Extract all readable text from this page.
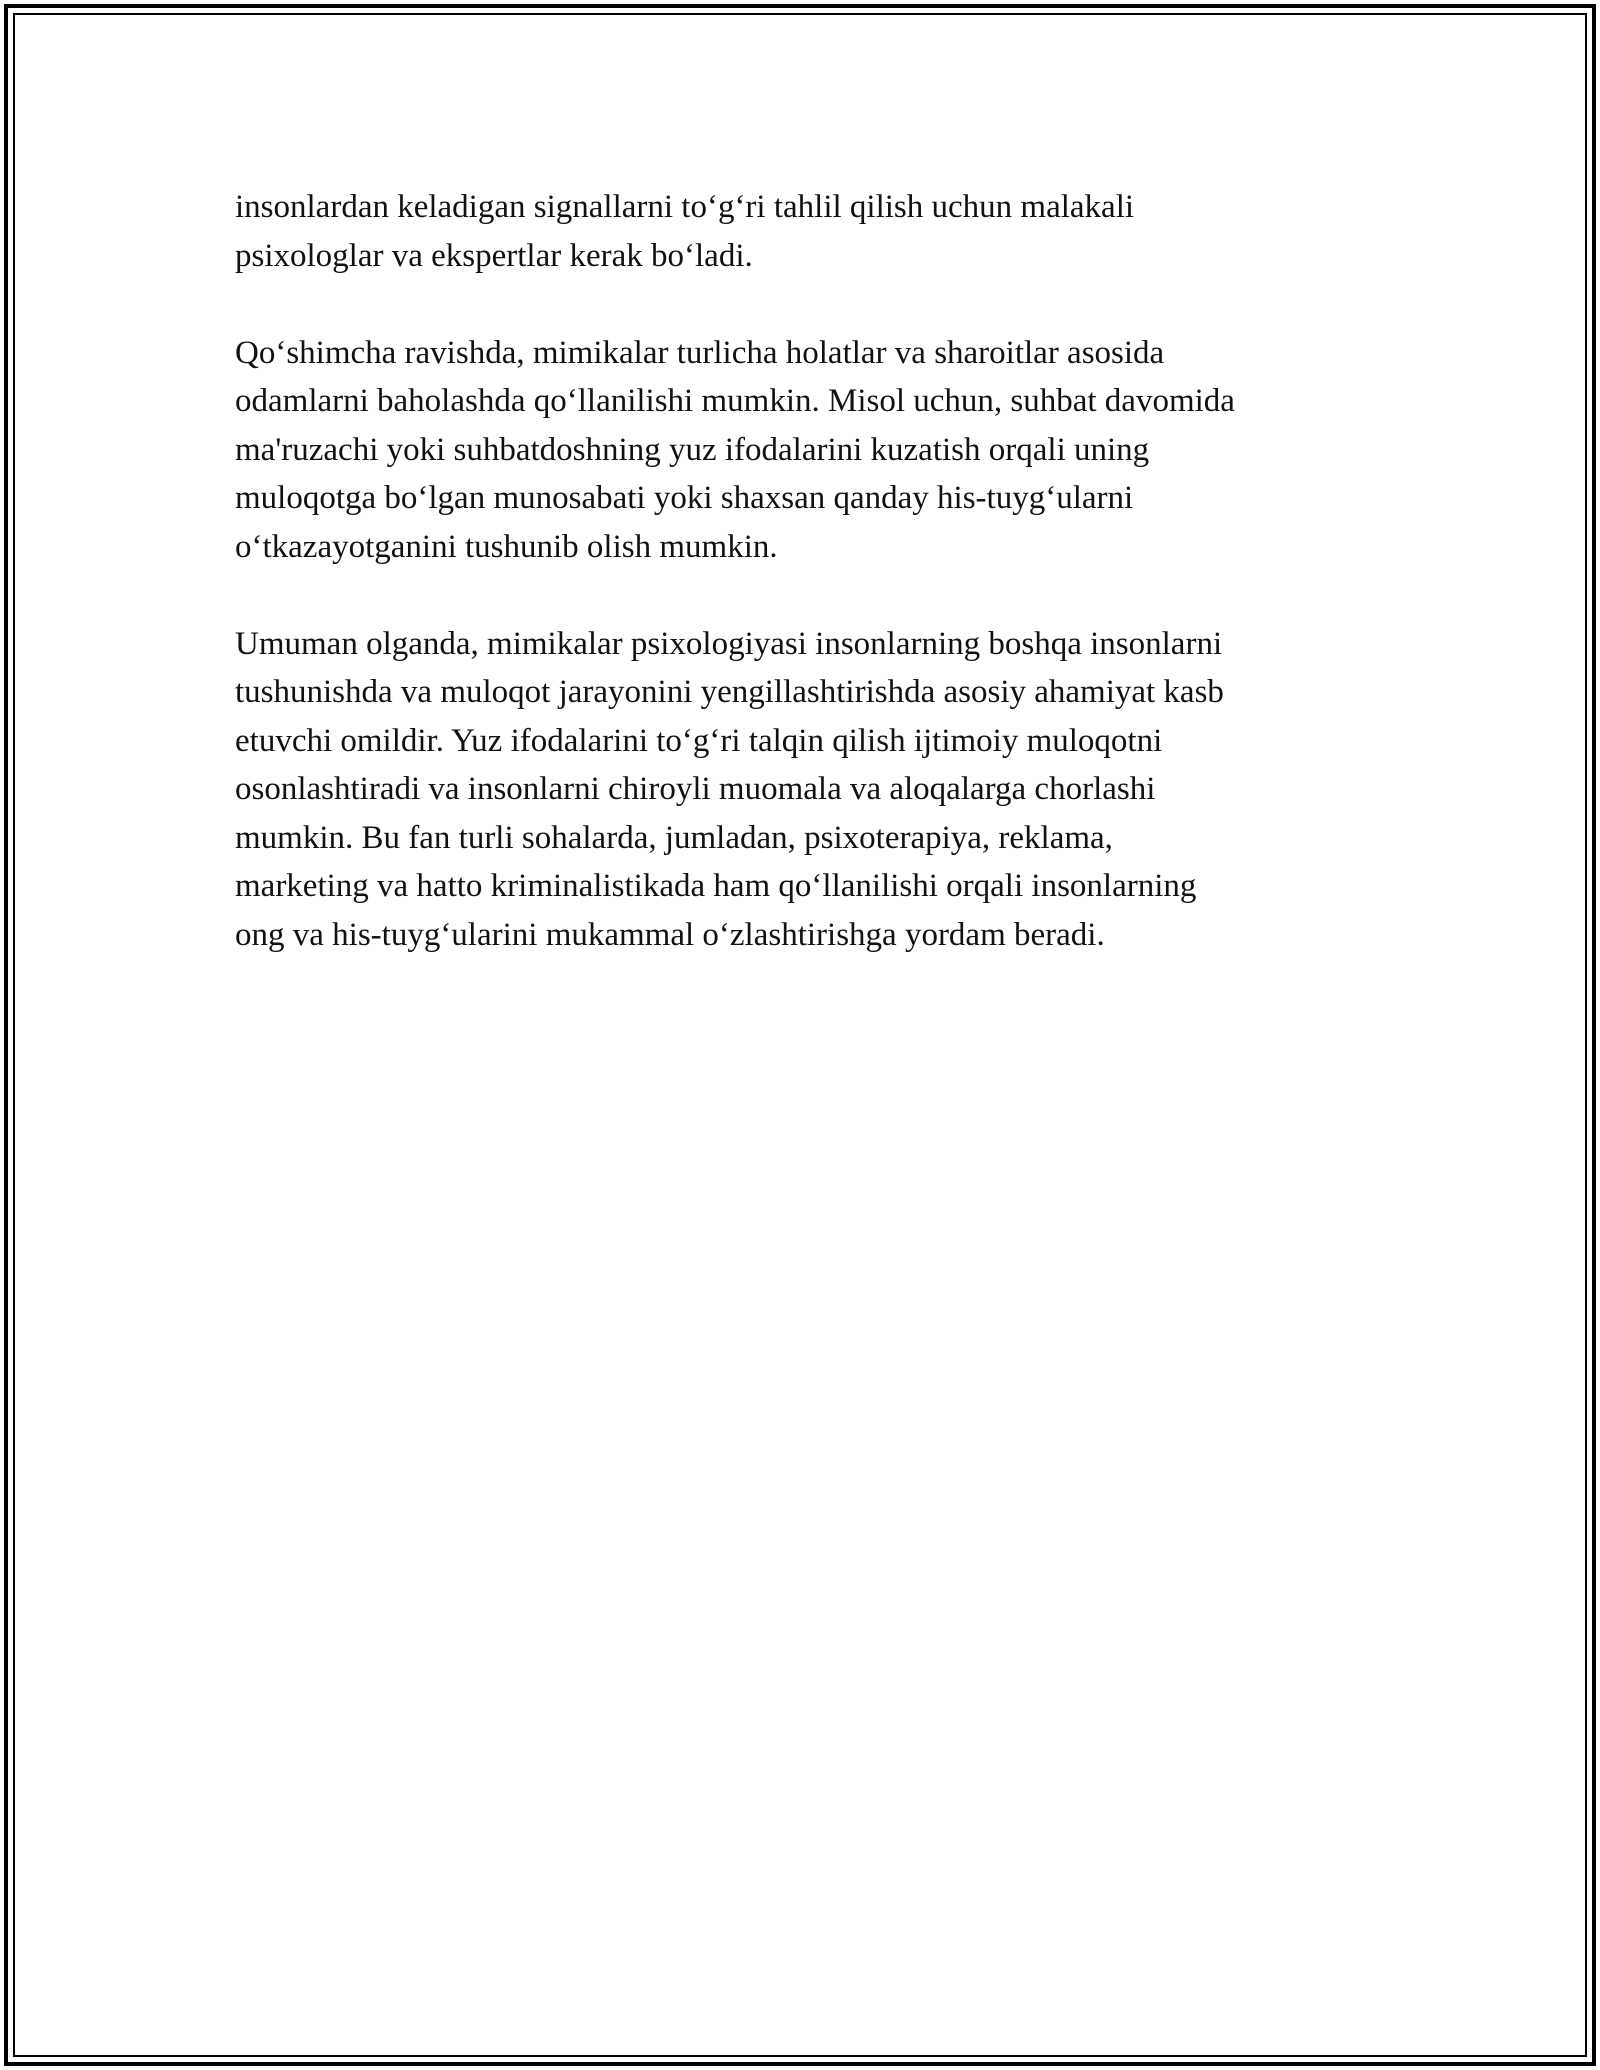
insonlardan keladigan signallarni to‘g‘ri tahlil qilish uchun malakali
psixologlar va ekspertlar kerak bo‘ladi.

Qo‘shimcha ravishda, mimikalar turlicha holatlar va sharoitlar asosida
odamlarni baholashda qo‘llanilishi mumkin. Misol uchun, suhbat davomida
ma'ruzachi yoki suhbatdoshning yuz ifodalarini kuzatish orqali uning
muloqotga bo‘lgan munosabati yoki shaxsan qanday his-tuyg‘ularni
o‘tkazayotganini tushunib olish mumkin.

Umuman olganda, mimikalar psixologiyasi insonlarning boshqa insonlarni
tushunishda va muloqot jarayonini yengillashtirishda asosiy ahamiyat kasb
etuvchi omildir. Yuz ifodalarini to‘g‘ri talqin qilish ijtimoiy muloqotni
osonlashtiradi va insonlarni chiroyli muomala va aloqalarga chorlashi
mumkin. Bu fan turli sohalarda, jumladan, psixoterapiya, reklama,
marketing va hatto kriminalistikada ham qo‘llanilishi orqali insonlarning
ong va his-tuyg‘ularini mukammal o‘zlashtirishga yordam beradi.
